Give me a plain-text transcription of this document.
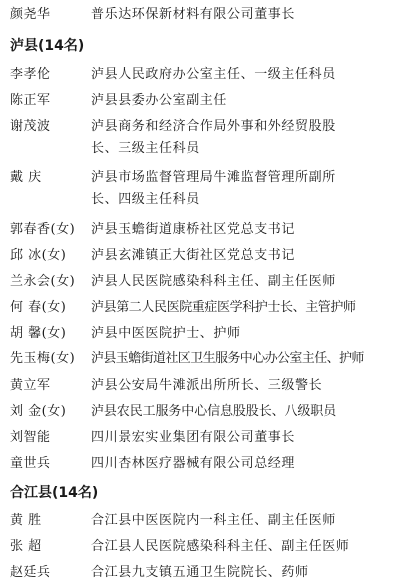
颜尧华	普乐达环保新材料有限公司董事长
泸县(14名)
李孝伦	泸县人民政府办公室主任、一级主任科员
陈正军	泸县县委办公室副主任
谢茂波	泸县商务和经济合作局外事和外经贸股股
长、三级主任科员
戴 庆	泸县市场监督管理局牛滩监督管理所副所
长、四级主任科员
郭春香(女) 泸县玉蟾街道康桥社区党总支书记
邱 冰(女) 泸县玄滩镇正大街社区党总支书记
兰永会(女) 泸县人民医院感染科科主任、副主任医师
何 春(女) 泸县第二人民医院重症医学科护士长、主管护师
胡 馨(女) 泸县中医医院护士、护师
先玉梅(女) 泸县玉蟾街道社区卫生服务中心办公室主任、护师
黄立军	泸县公安局牛滩派出所所长、三级警长
刘 金(女) 泸县农民工服务中心信息股股长、八级职员
刘智能	四川景宏实业集团有限公司董事长
童世兵	四川杏林医疗器械有限公司总经理
合江县(14名)
黄 胜	合江县中医医院内一科主任、副主任医师
张 超	合江县人民医院感染科科主任、副主任医师
赵廷兵	合江县九支镇五通卫生院院长、药师
